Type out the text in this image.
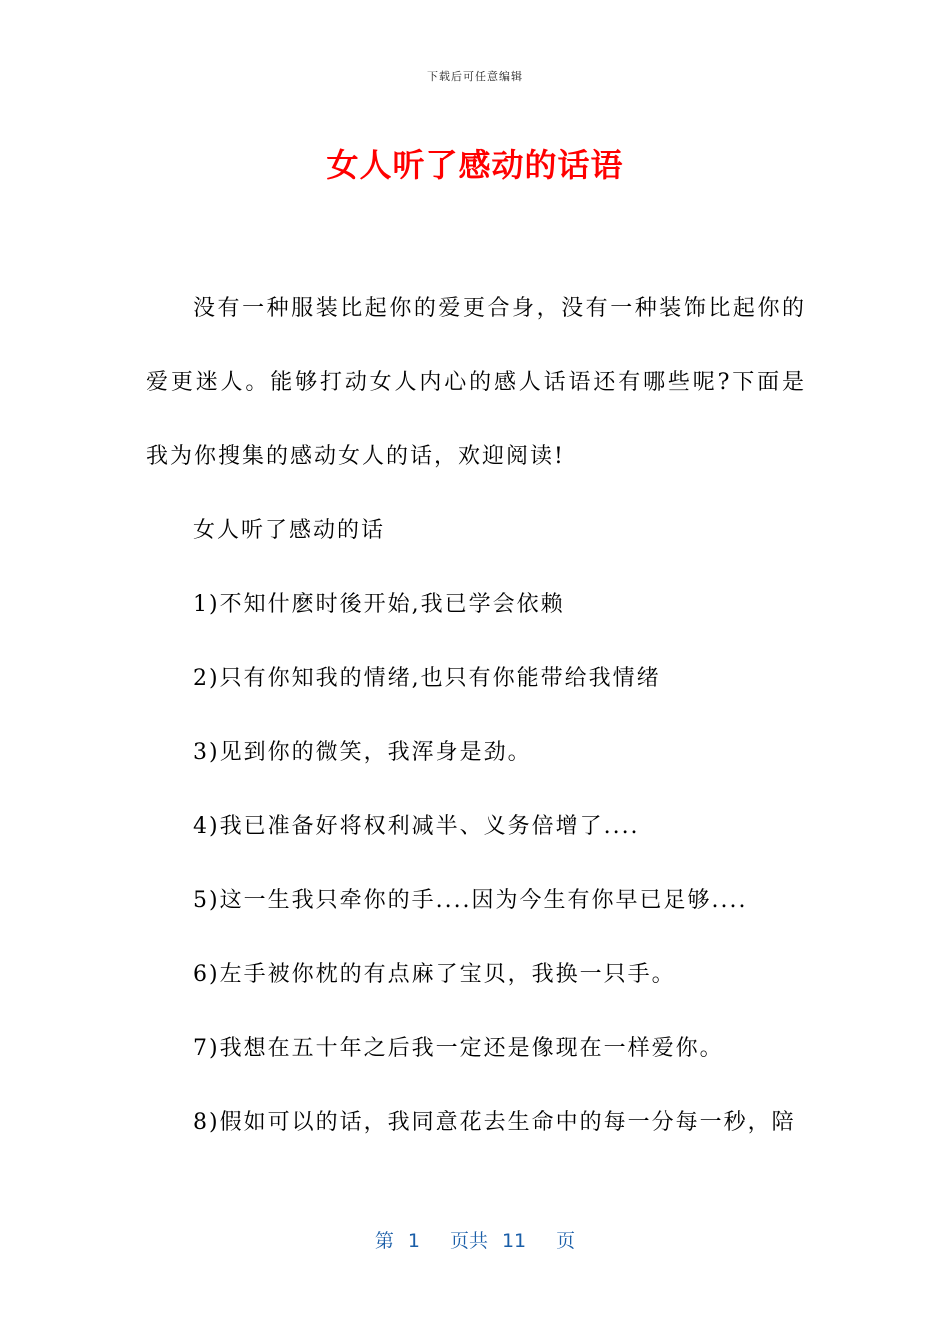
下载后可任意编辑
女人听了感动的话语

没有一种服装比起你的爱更合身，没有一种装饰比起你的爱更迷人。能够打动女人内心的感人话语还有哪些呢?下面是我为你搜集的感动女人的话，欢迎阅读!

女人听了感动的话

1)不知什麽时後开始,我已学会依赖

2)只有你知我的情绪,也只有你能带给我情绪

3)见到你的微笑，我浑身是劲。

4)我已准备好将权利减半、义务倍增了....

5)这一生我只牵你的手....因为今生有你早已足够....

6)左手被你枕的有点麻了宝贝，我换一只手。

7)我想在五十年之后我一定还是像现在一样爱你。

8)假如可以的话，我同意花去生命中的每一分每一秒，陪

第 1 页共 11 页
